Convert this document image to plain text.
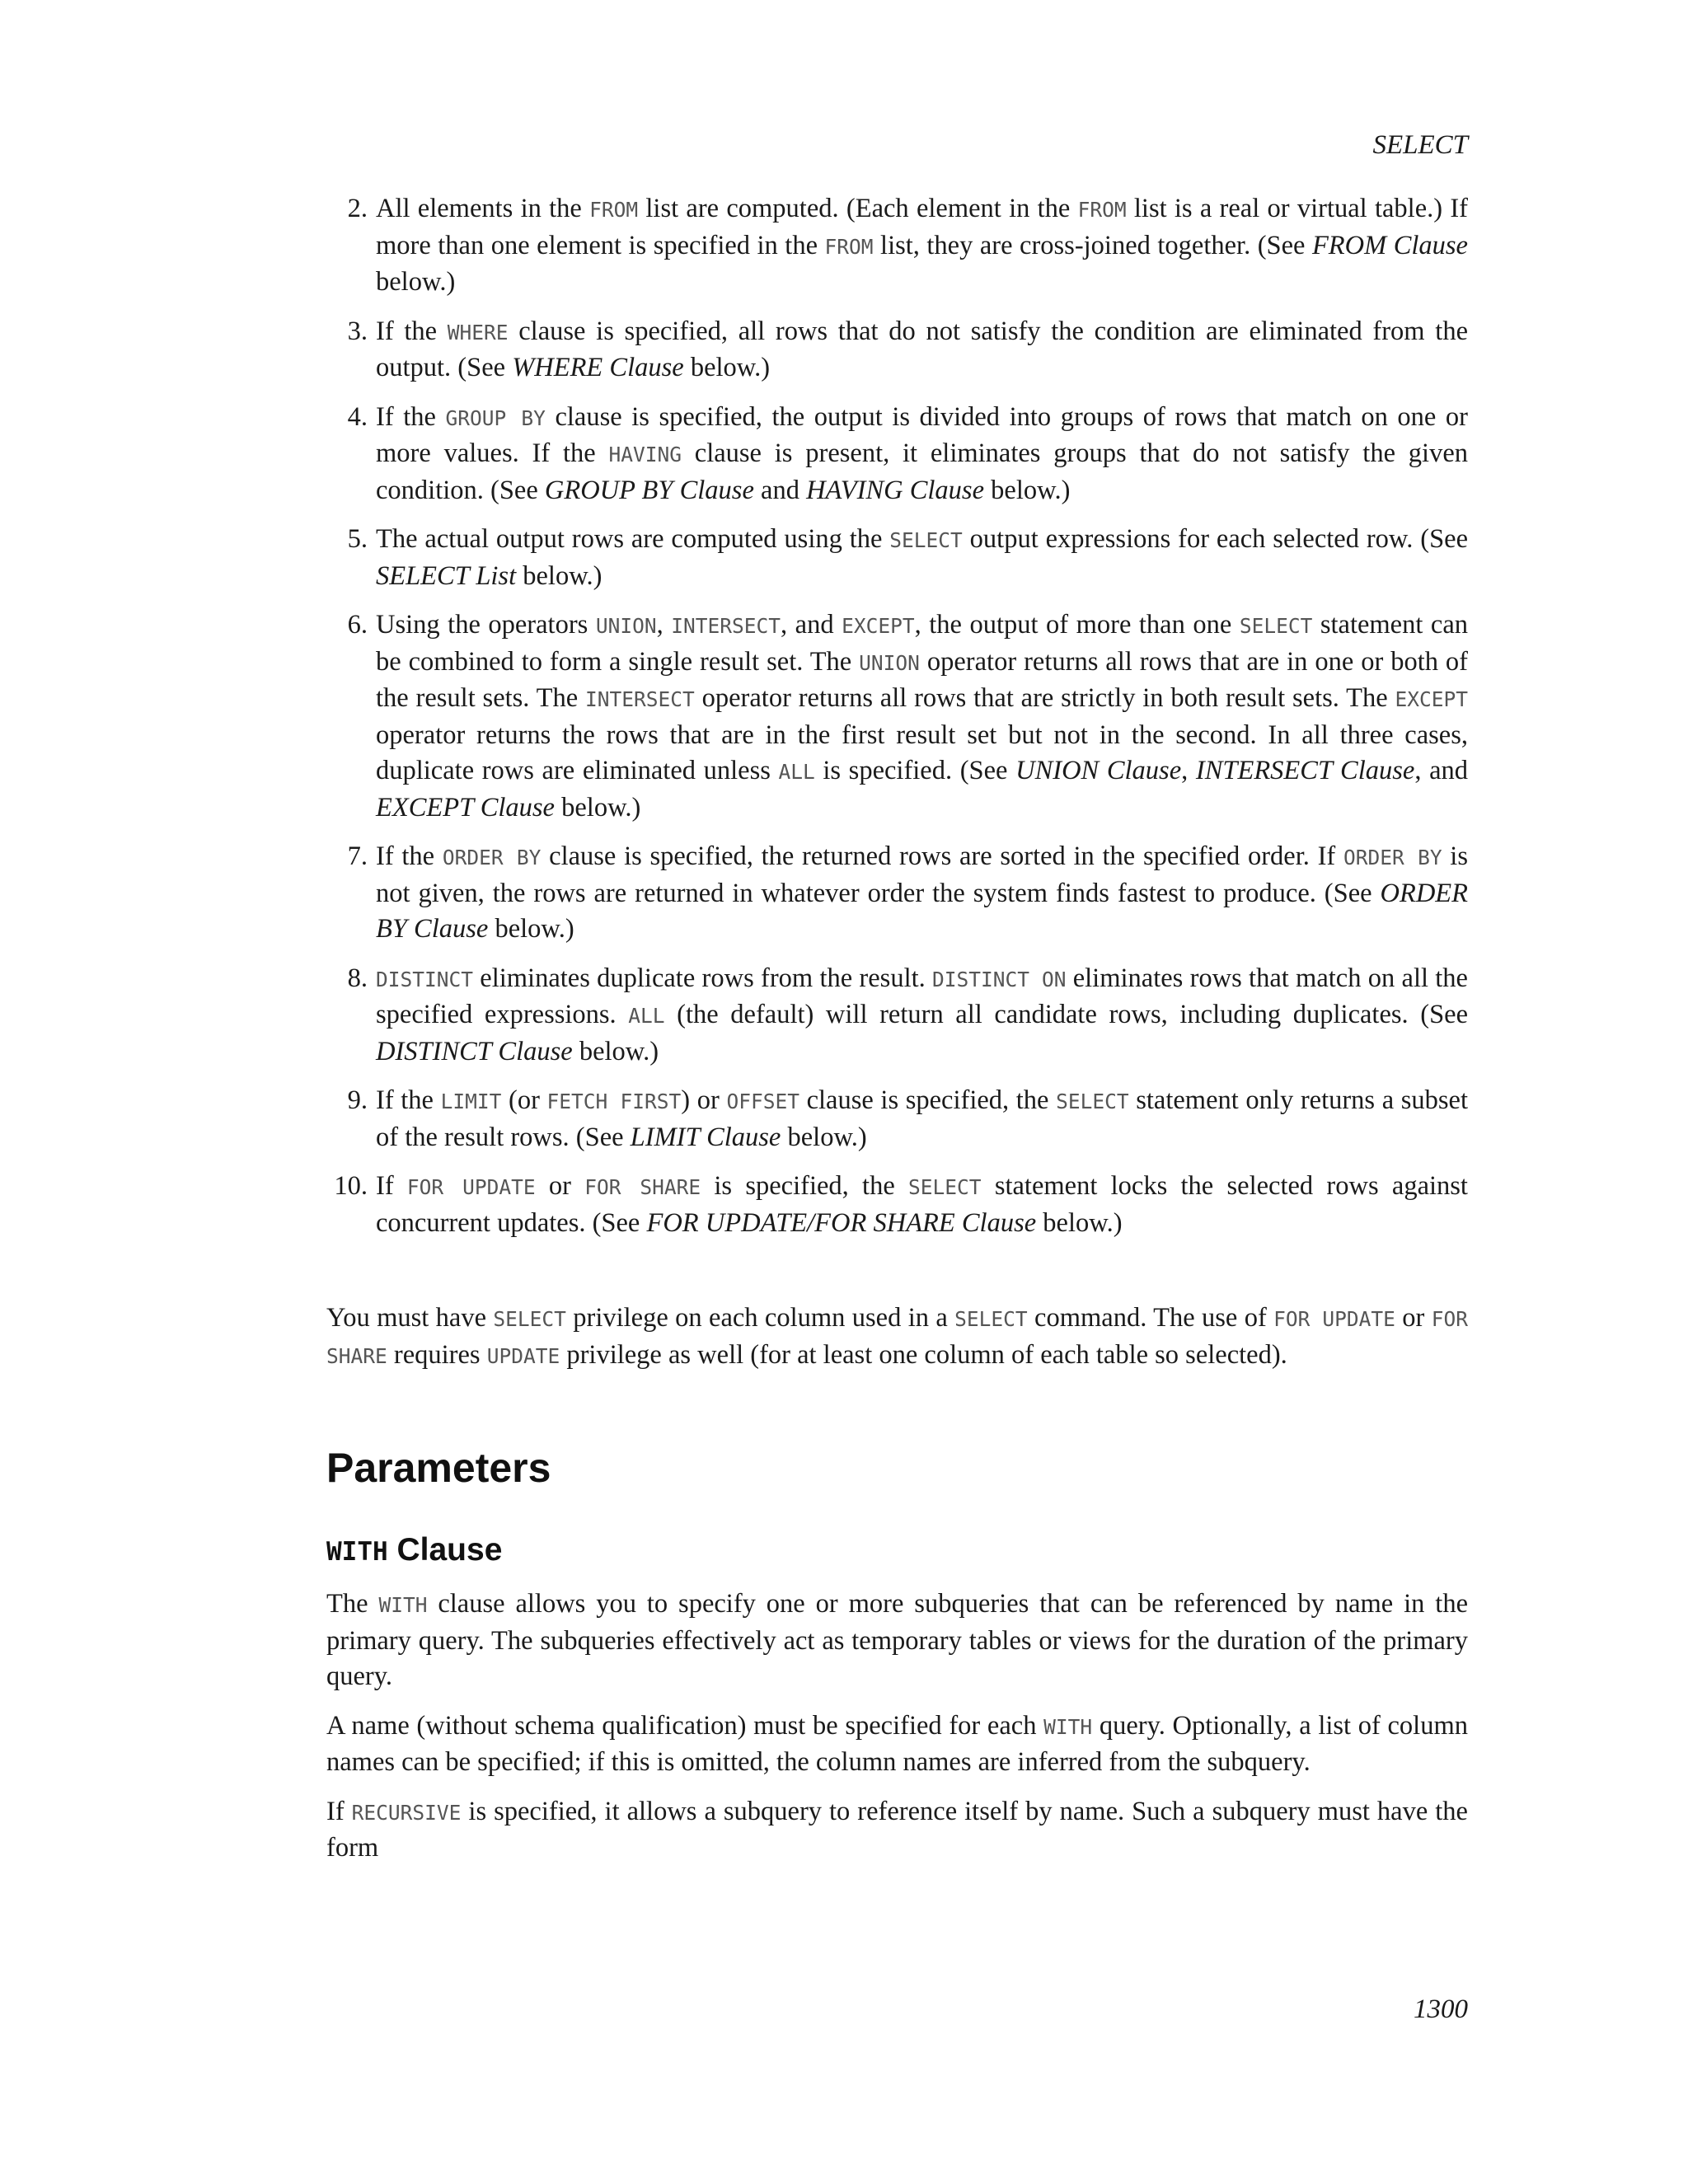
SELECT
2. All elements in the FROM list are computed. (Each element in the FROM list is a real or virtual table.) If more than one element is specified in the FROM list, they are cross-joined together. (See FROM Clause below.)
3. If the WHERE clause is specified, all rows that do not satisfy the condition are eliminated from the output. (See WHERE Clause below.)
4. If the GROUP BY clause is specified, the output is divided into groups of rows that match on one or more values. If the HAVING clause is present, it eliminates groups that do not satisfy the given condition. (See GROUP BY Clause and HAVING Clause below.)
5. The actual output rows are computed using the SELECT output expressions for each selected row. (See SELECT List below.)
6. Using the operators UNION, INTERSECT, and EXCEPT, the output of more than one SELECT statement can be combined to form a single result set. The UNION operator returns all rows that are in one or both of the result sets. The INTERSECT operator returns all rows that are strictly in both result sets. The EXCEPT operator returns the rows that are in the first result set but not in the second. In all three cases, duplicate rows are eliminated unless ALL is specified. (See UNION Clause, INTERSECT Clause, and EXCEPT Clause below.)
7. If the ORDER BY clause is specified, the returned rows are sorted in the specified order. If ORDER BY is not given, the rows are returned in whatever order the system finds fastest to produce. (See ORDER BY Clause below.)
8. DISTINCT eliminates duplicate rows from the result. DISTINCT ON eliminates rows that match on all the specified expressions. ALL (the default) will return all candidate rows, including duplicates. (See DISTINCT Clause below.)
9. If the LIMIT (or FETCH FIRST) or OFFSET clause is specified, the SELECT statement only returns a subset of the result rows. (See LIMIT Clause below.)
10. If FOR UPDATE or FOR SHARE is specified, the SELECT statement locks the selected rows against concurrent updates. (See FOR UPDATE/FOR SHARE Clause below.)

You must have SELECT privilege on each column used in a SELECT command. The use of FOR UPDATE or FOR SHARE requires UPDATE privilege as well (for at least one column of each table so selected).

Parameters
WITH Clause

The WITH clause allows you to specify one or more subqueries that can be referenced by name in the primary query. The subqueries effectively act as temporary tables or views for the duration of the primary query.

A name (without schema qualification) must be specified for each WITH query. Optionally, a list of column names can be specified; if this is omitted, the column names are inferred from the subquery.

If RECURSIVE is specified, it allows a subquery to reference itself by name. Such a subquery must have the form

1300
